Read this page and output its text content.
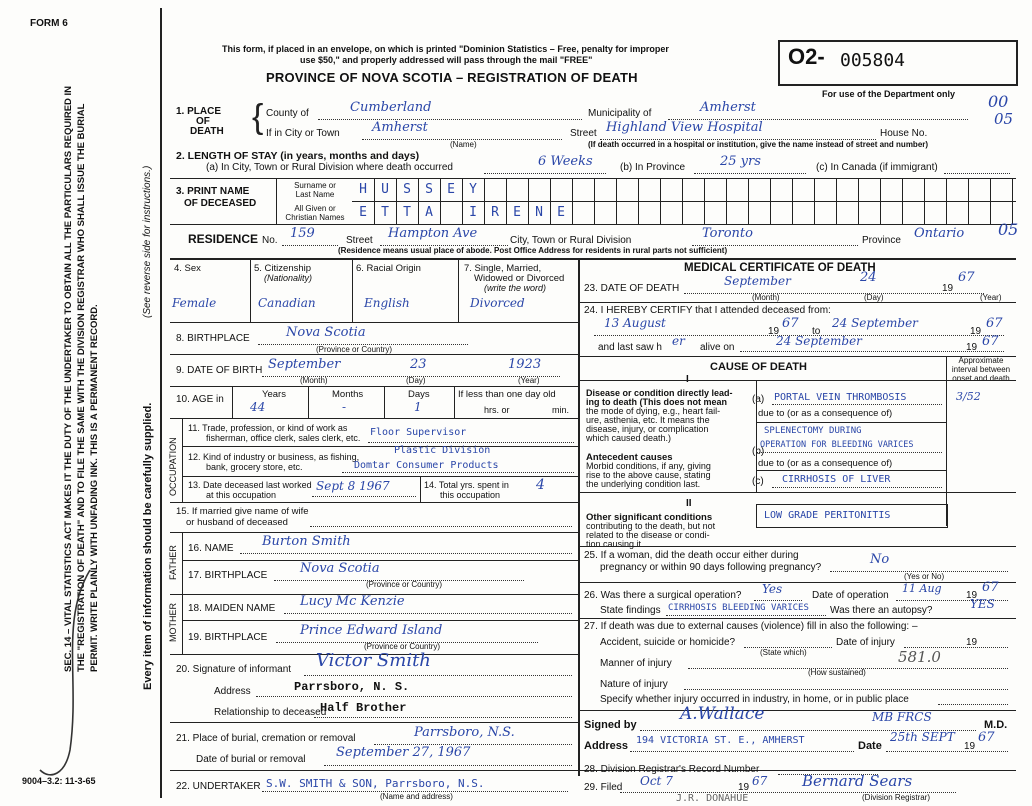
FORM 6
This form, if placed in an envelope, on which is printed "Dominion Statistics – Free, penalty for improper
use $50," and properly addressed will pass through the mail "FREE"
PROVINCE OF NOVA SCOTIA – REGISTRATION OF DEATH
O2- 005804
For use of the Department only 00
05
SEC. 14 – VITAL STATISTICS ACT MAKES IT THE DUTY OF THE UNDERTAKER TO OBTAIN ALL THE PARTICULARS REQUIRED IN THE "REGISTRATION OF DEATH" AND TO FILE THE SAME WITH THE DIVISION REGISTRAR WHO SHALL ISSUE THE BURIAL PERMIT. WRITE PLAINLY WITH UNFADING INK. THIS IS A PERMANENT RECORD.
(See reverse side for instructions.)
Every item of information should be carefully supplied.
9004–3.2: 11-3-65
1. PLACE
OF
DEATH { County of	Cumberland	Municipality of	Amherst
If in City or Town Amherst
(Name)
Street Highland View Hospital	House No.
(If death occurred in a hospital or institution, give the name instead of street and number)
2. LENGTH OF STAY (in years, months and days)
(a) In City, Town or Rural Division where death occurred	6 Weeks	(b) In Province	25 yrs	(c) In Canada (if immigrant)
3. PRINT NAME
OF DECEASED
Surname or
Last Name
All Given or
Christian Names
H	U	S	S	E	Y
E	T	T	A	I	R	E	N	E
RESIDENCE No. 159	Street Hampton Ave	City, Town or Rural Division	Toronto	Province Ontario 05
(Residence means usual place of abode. Post Office Address for residents in rural parts not sufficient)
4. Sex	5. Citizenship
(Nationality)
6. Racial Origin	7. Single, Married,
Widowed or Divorced
(write the word)
Female	Canadian	English	Divorced
8. BIRTHPLACE	Nova Scotia
(Province or Country)
9. DATE OF BIRTH September	23	1923
(Month)	(Day)	(Year)
10. AGE in	Years
44
Months
-
Days
1
If less than one day old
hrs. or	min.
OCCUPATION
11. Trade, profession, or kind of work as
fisherman, office clerk, sales clerk, etc. Floor Supervisor
12. Kind of industry or business, as fishing,
bank, grocery store, etc.
Plastic Division
Domtar Consumer Products
13. Date deceased last worked
at this occupation
Sept 8 1967	14. Total yrs. spent in
this occupation
4
15. If married give name of wife
or husband of deceased
FATHER 16. NAME Burton Smith
17. BIRTHPLACE	Nova Scotia
(Province or Country)
MOTHER 18. MAIDEN NAME Lucy Mc Kenzie
19. BIRTHPLACE	Prince Edward Island
(Province or Country)
20. Signature of informant Victor Smith
Address	Parrsboro, N. S.
Relationship to deceased
Half Brother
21. Place of burial, cremation or removal	Parrsboro, N.S.
Date of burial or removal September 27, 1967
22. UNDERTAKER S.W. SMITH & SON, Parrsboro, N.S.
(Name and address)
MEDICAL CERTIFICATE OF DEATH
23. DATE OF DEATH
September	24
19
67
(Month)	(Day)	(Year)
24. I HEREBY CERTIFY that I attended deceased from:
13 August
19
67
to
24 September
19
67
and last saw h er alive on	24 September	19 67
CAUSE OF DEATH
Approximate interval between onset and death
I
II
Disease or condition directly lead-
ing to death (This does not mean
the mode of dying, e.g., heart fail-
ure, asthenia, etc. It means the
disease, injury, or complication
which caused death.)
PORTAL VEIN THROMBOSIS	3/52
due to (or as a consequence of)
Antecedent causes
Morbid conditions, if any, giving
rise to the above cause, stating
the underlying condition last.
SPLENECTOMY DURING
OPERATION FOR BLEEDING VARICES
due to (or as a consequence of)
CIRRHOSIS OF LIVER
(a)
(b)
(c)
Other significant conditions
contributing to the death, but not
related to the disease or condi-
tion causing it.
LOW GRADE PERITONITIS
25. If a woman, did the death occur either during
pregnancy or within 90 days following pregnancy?
No
(Yes or No)
26. Was there a surgical operation? Yes	Date of operation
11 Aug
19
67
State findings CIRRHOSIS BLEEDING VARICES Was there an autopsy?	YES
27. If death was due to external causes (violence) fill in also the following: –
Accident, suicide or homicide?	Date of injury	19
(State which)
Manner of injury	581.0
(How sustained)
Nature of injury
Specify whether injury occurred in industry, in home, or in public place
Signed by
A.Wallace	MB FRCS
M.D.
Address 194 VICTORIA ST. E., AMHERST	Date
25th SEPT
19
67
28. Division Registrar's Record Number
29. Filed Oct 7	19 67 Bernard Sears
(Division Registrar)
J.R. DONAHUE
